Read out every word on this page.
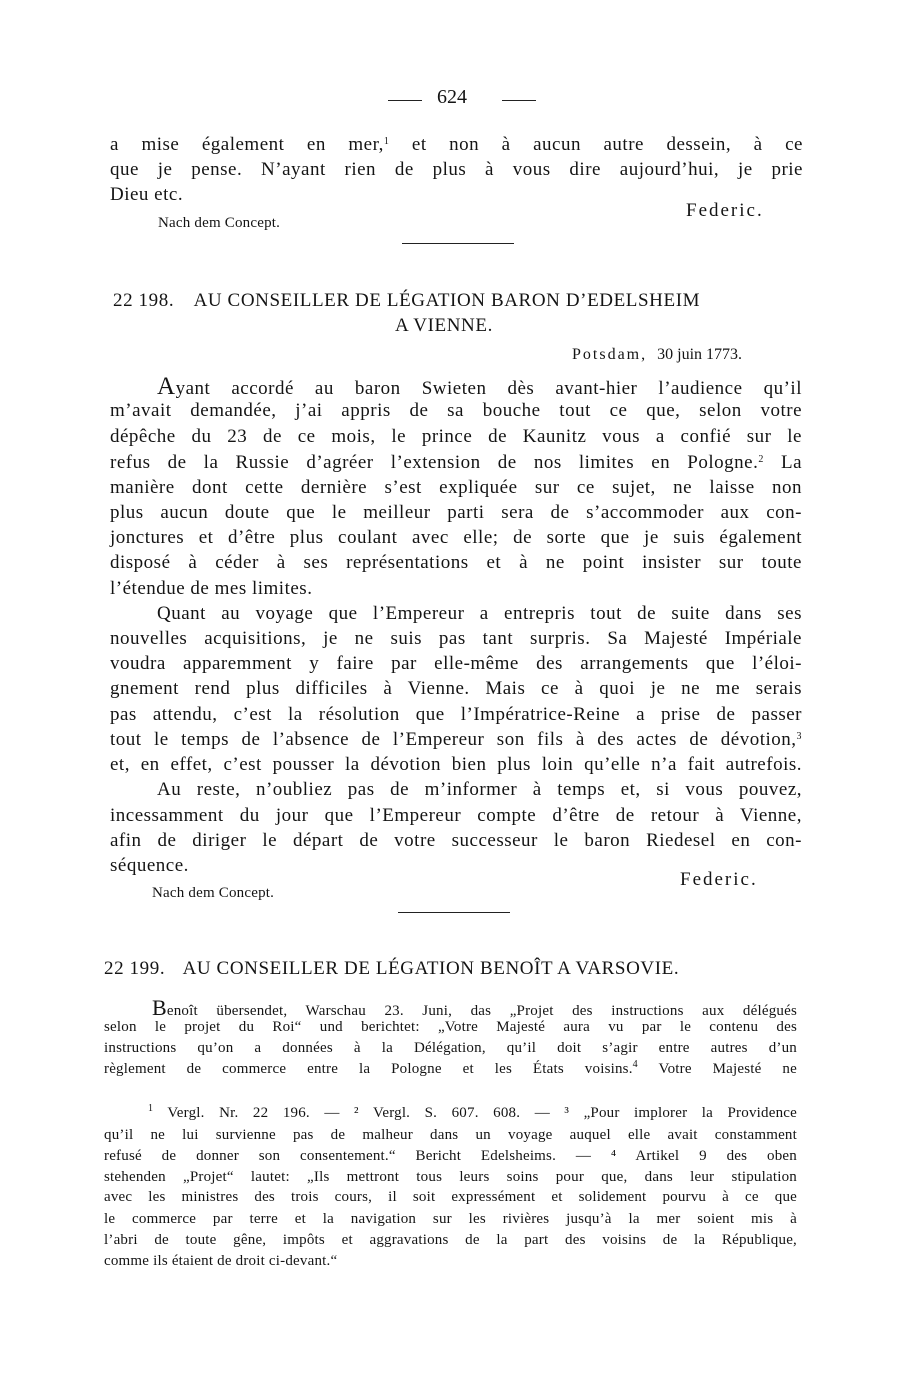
624
a mise également en mer,$^1$ et non à aucun autre dessein, à ce
que je pense. N’ayant rien de plus à vous dire aujourd’hui, je prie
Dieu etc.
Federic.
Nach dem Concept.
22 198. AU CONSEILLER DE LÉGATION BARON D’EDELSHEIM
A VIENNE.
Potsdam, 30 juin 1773.
Ayant accordé au baron Swieten dès avant-hier l’audience qu’il
m’avait demandée, j’ai appris de sa bouche tout ce que, selon votre
dépêche du 23 de ce mois, le prince de Kaunitz vous a confié sur le
refus de la Russie d’agréer l’extension de nos limites en Pologne.$^2$ La
manière dont cette dernière s’est expliquée sur ce sujet, ne laisse non
plus aucun doute que le meilleur parti sera de s’accommoder aux con-
jonctures et d’être plus coulant avec elle; de sorte que je suis également
disposé à céder à ses représentations et à ne point insister sur toute
l’étendue de mes limites.
Quant au voyage que l’Empereur a entrepris tout de suite dans ses
nouvelles acquisitions, je ne suis pas tant surpris. Sa Majesté Impériale
voudra apparemment y faire par elle-même des arrangements que l’éloi-
gnement rend plus difficiles à Vienne. Mais ce à quoi je ne me serais
pas attendu, c’est la résolution que l’Impératrice-Reine a prise de passer
tout le temps de l’absence de l’Empereur son fils à des actes de dévotion,$^3$
et, en effet, c’est pousser la dévotion bien plus loin qu’elle n’a fait autrefois.
Au reste, n’oubliez pas de m’informer à temps et, si vous pouvez,
incessamment du jour que l’Empereur compte d’être de retour à Vienne,
afin de diriger le départ de votre successeur le baron Riedesel en con-
séquence.
Federic.
Nach dem Concept.
22 199. AU CONSEILLER DE LÉGATION BENOÎT A VARSOVIE.
Benoît übersendet, Warschau 23. Juni, das „Projet des instructions aux délégués
selon le projet du Roi“ und berichtet: „Votre Majesté aura vu par le contenu des
instructions qu’on a données à la Délégation, qu’il doit s’agir entre autres d’un
règlement de commerce entre la Pologne et les États voisins.$^4$ Votre Majesté ne
$^1$ Vergl. Nr. 22 196. — ² Vergl. S. 607. 608. — ³ „Pour implorer la Providence
qu’il ne lui survienne pas de malheur dans un voyage auquel elle avait constamment
refusé de donner son consentement.“ Bericht Edelsheims. — ⁴ Artikel 9 des oben
stehenden „Projet“ lautet: „Ils mettront tous leurs soins pour que, dans leur stipulation
avec les ministres des trois cours, il soit expressément et solidement pourvu à ce que
le commerce par terre et la navigation sur les rivières jusqu’à la mer soient mis à
l’abri de toute gêne, impôts et aggravations de la part des voisins de la République,
comme ils étaient de droit ci-devant.“
